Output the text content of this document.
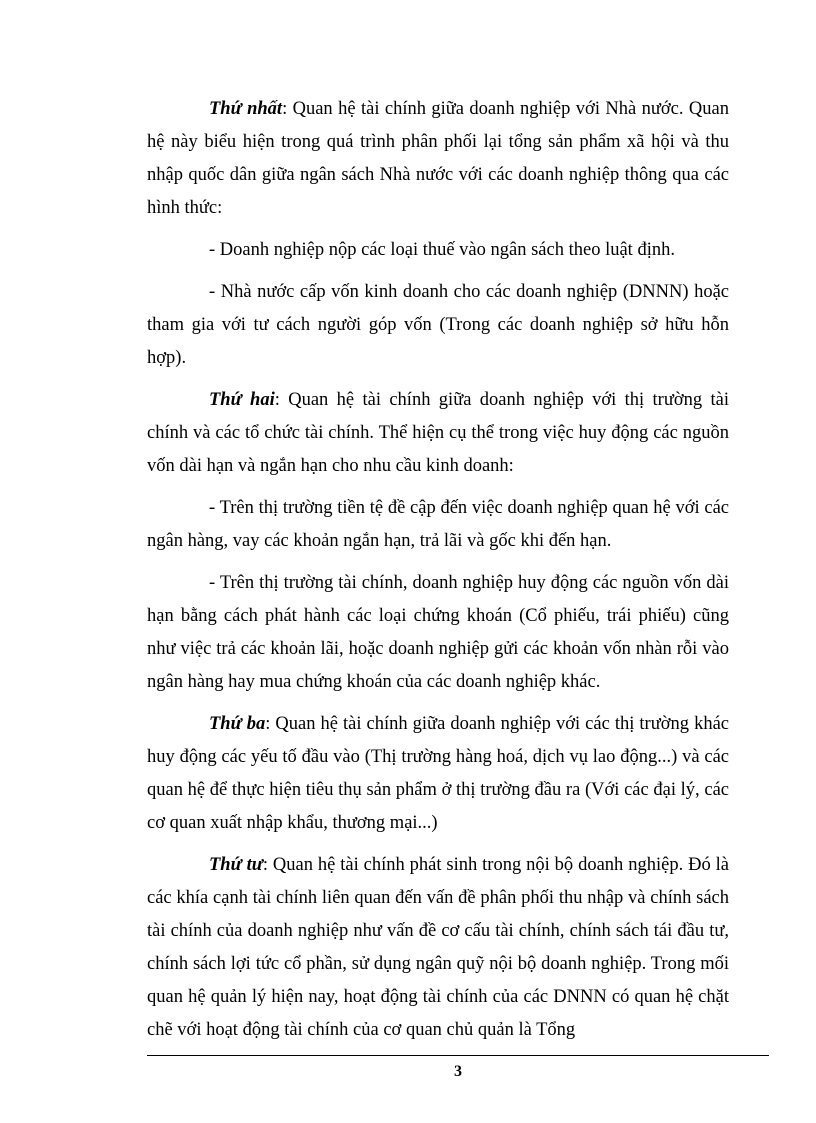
Thứ nhất: Quan hệ tài chính giữa doanh nghiệp với Nhà nước. Quan hệ này biểu hiện trong quá trình phân phối lại tổng sản phẩm xã hội và thu nhập quốc dân giữa ngân sách Nhà nước với các doanh nghiệp thông qua các hình thức:

- Doanh nghiệp nộp các loại thuế vào ngân sách theo luật định.

- Nhà nước cấp vốn kinh doanh cho các doanh nghiệp (DNNN) hoặc tham gia với tư cách người góp vốn (Trong các doanh nghiệp sở hữu hỗn hợp).

Thứ hai: Quan hệ tài chính giữa doanh nghiệp với thị trường tài chính và các tổ chức tài chính. Thể hiện cụ thể trong việc huy động các nguồn vốn dài hạn và ngắn hạn cho nhu cầu kinh doanh:

- Trên thị trường tiền tệ đề cập đến việc doanh nghiệp quan hệ với các ngân hàng, vay các khoản ngắn hạn, trả lãi và gốc khi đến hạn.

- Trên thị trường tài chính, doanh nghiệp huy động các nguồn vốn dài hạn bằng cách phát hành các loại chứng khoán (Cổ phiếu, trái phiếu) cũng như việc trả các khoản lãi, hoặc doanh nghiệp gửi các khoản vốn nhàn rỗi vào ngân hàng hay mua chứng khoán của các doanh nghiệp khác.

Thứ ba: Quan hệ tài chính giữa doanh nghiệp với các thị trường khác huy động các yếu tố đầu vào (Thị trường hàng hoá, dịch vụ lao động...) và các quan hệ để thực hiện tiêu thụ sản phẩm ở thị trường đầu ra (Với các đại lý, các cơ quan xuất nhập khẩu, thương mại...)

Thứ tư: Quan hệ tài chính phát sinh trong nội bộ doanh nghiệp. Đó là các khía cạnh tài chính liên quan đến vấn đề phân phối thu nhập và chính sách tài chính của doanh nghiệp như vấn đề cơ cấu tài chính, chính sách tái đầu tư, chính sách lợi tức cổ phần, sử dụng ngân quỹ nội bộ doanh nghiệp. Trong mối quan hệ quản lý hiện nay, hoạt động tài chính của các DNNN có quan hệ chặt chẽ với hoạt động tài chính của cơ quan chủ quản là Tổng

3
